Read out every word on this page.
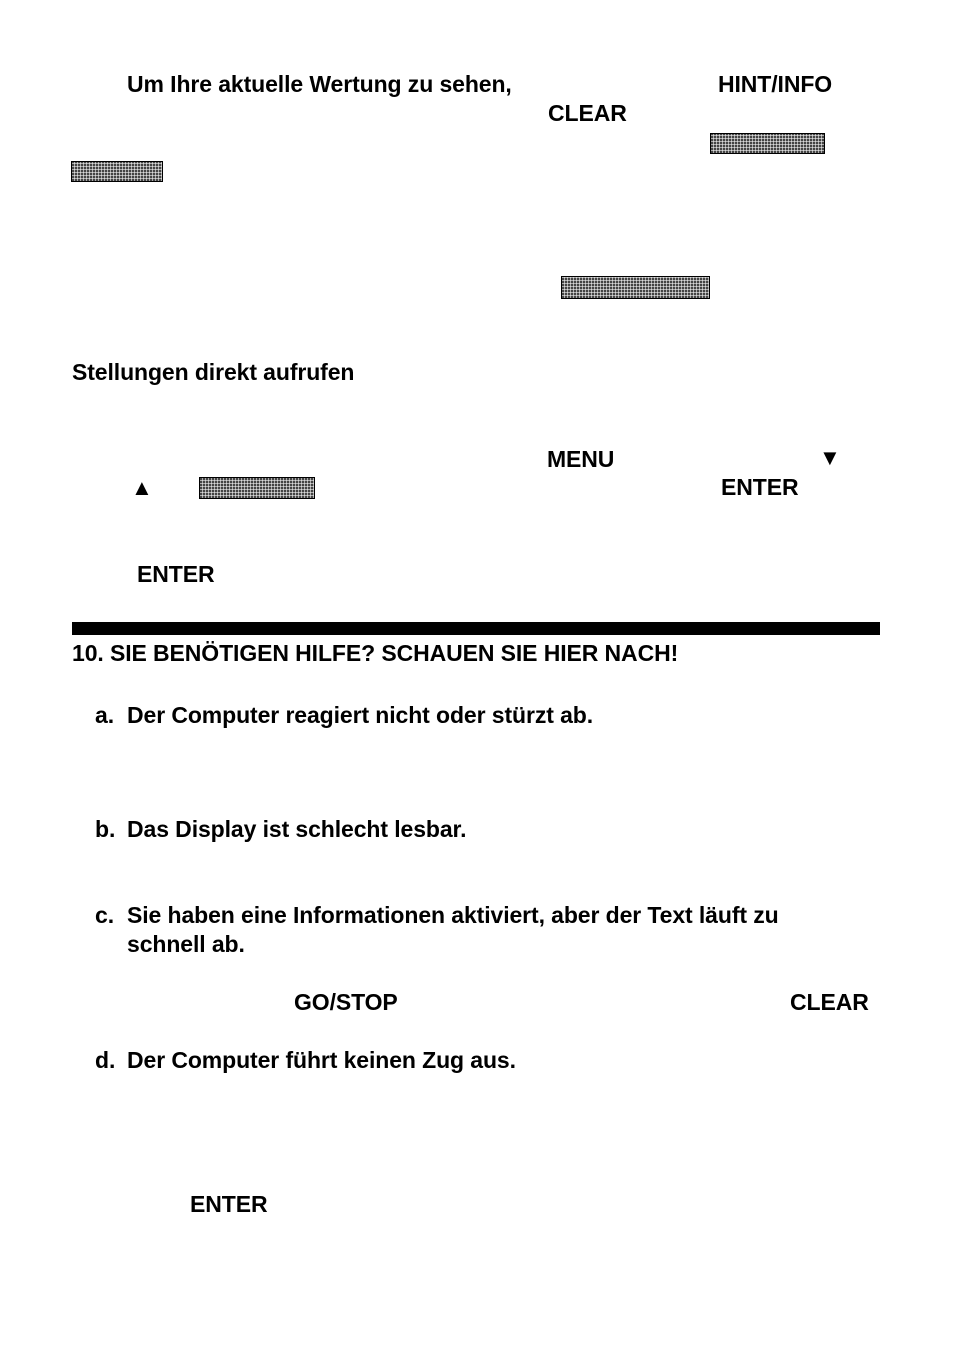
Um Ihre aktuelle Wertung zu sehen,	HINT/INFO
CLEAR
Stellungen direkt aufrufen
MENU	▼
▲	ENTER
ENTER
10. SIE BENÖTIGEN HILFE? SCHAUEN SIE HIER NACH!
a. Der Computer reagiert nicht oder stürzt ab.
b. Das Display ist schlecht lesbar.
c. Sie haben eine Informationen aktiviert, aber der Text läuft zu
schnell ab.
GO/STOP	CLEAR
d. Der Computer führt keinen Zug aus.
ENTER
